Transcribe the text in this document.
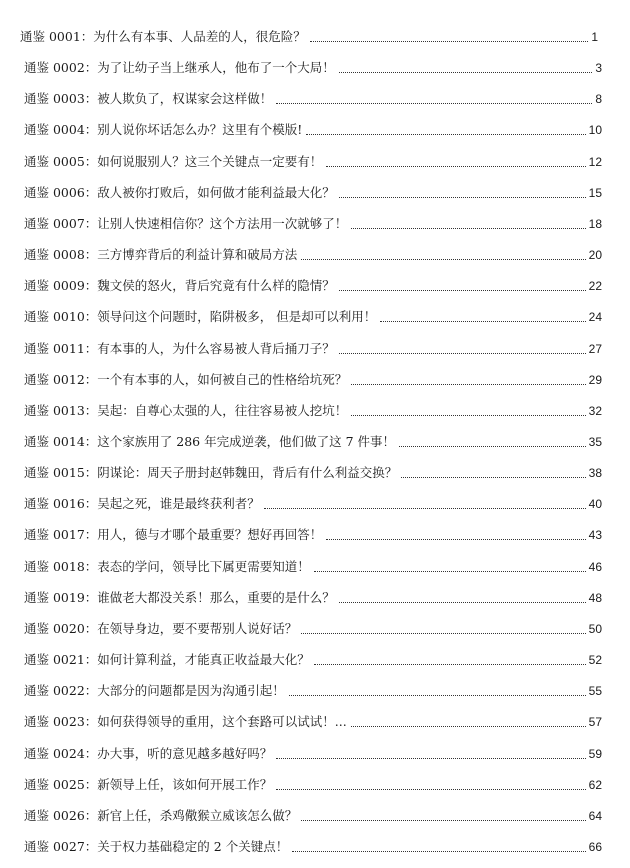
通鉴 0001： 为什么有本事、人品差的人，很危险？	1
通鉴 0002： 为了让幼子当上继承人，他布了一个大局！	3
通鉴 0003： 被人欺负了，权谋家会这样做！	8
通鉴 0004： 别人说你坏话怎么办？这里有个模版!	10
通鉴 0005： 如何说服别人？这三个关键点一定要有！	12
通鉴 0006： 敌人被你打败后，如何做才能利益最大化？	15
通鉴 0007： 让别人快速相信你？这个方法用一次就够了！	18
通鉴 0008： 三方博弈背后的利益计算和破局方法	20
通鉴 0009： 魏文侯的怒火，背后究竟有什么样的隐情？	22
通鉴 0010： 领导问这个问题时，陷阱极多， 但是却可以利用！	24
通鉴 0011： 有本事的人，为什么容易被人背后捅刀子？	27
通鉴 0012： 一个有本事的人，如何被自己的性格给坑死？	29
通鉴 0013： 吴起：自尊心太强的人，往往容易被人挖坑！	32
通鉴 0014： 这个家族用了 286 年完成逆袭，他们做了这 7 件事！	35
通鉴 0015： 阴谋论：周天子册封赵韩魏田，背后有什么利益交换？	38
通鉴 0016： 吴起之死，谁是最终获利者？	40
通鉴 0017： 用人，德与才哪个最重要？想好再回答！	43
通鉴 0018： 表态的学问，领导比下属更需要知道！	46
通鉴 0019： 谁做老大都没关系！那么，重要的是什么？	48
通鉴 0020： 在领导身边，要不要帮别人说好话？	50
通鉴 0021： 如何计算利益，才能真正收益最大化？	52
通鉴 0022： 大部分的问题都是因为沟通引起！	55
通鉴 0023： 如何获得领导的重用，这个套路可以试试！...	57
通鉴 0024： 办大事，听的意见越多越好吗？	59
通鉴 0025： 新领导上任，该如何开展工作？	62
通鉴 0026： 新官上任，杀鸡儆猴立威该怎么做？	64
通鉴 0027： 关于权力基础稳定的 2 个关键点！	66
